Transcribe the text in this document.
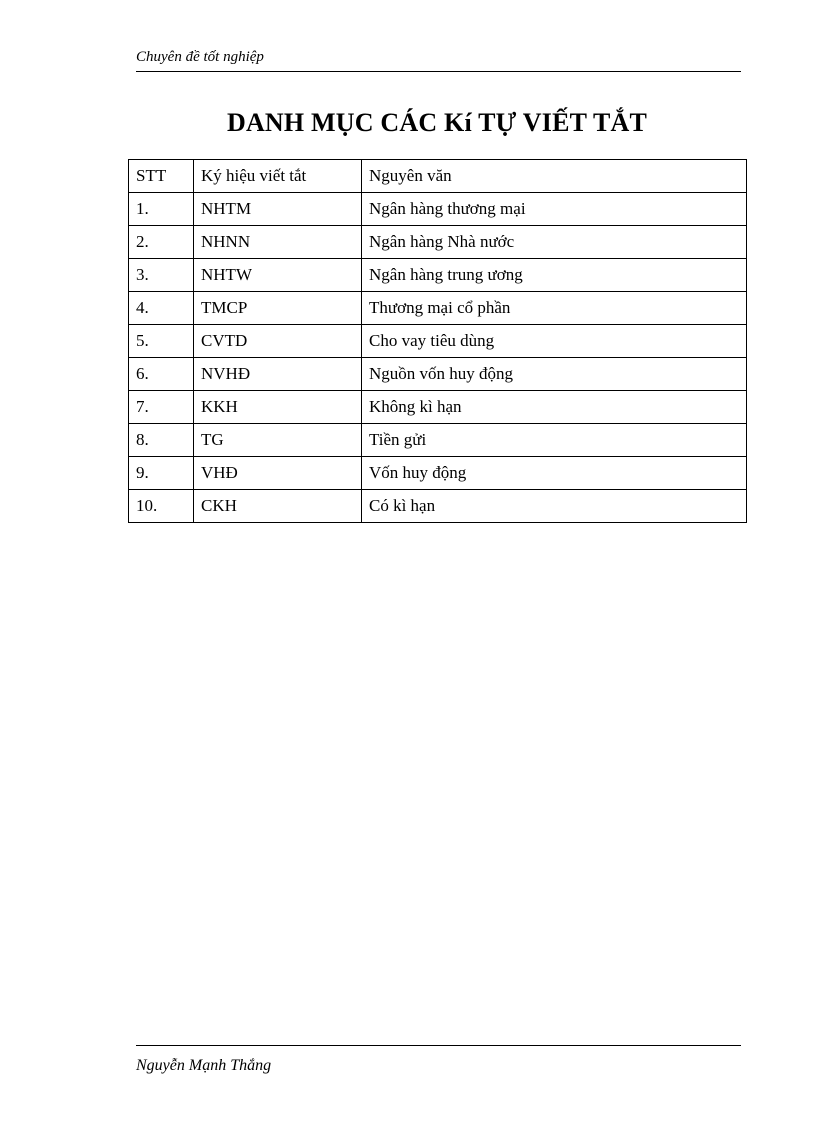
Chuyên đề tốt nghiệp
DANH MỤC CÁC Kí TỰ VIẾT TẮT
STT	Ký hiệu viết tắt	Nguyên văn
1.	NHTM	Ngân hàng thương mại
2.	NHNN	Ngân hàng Nhà nước
3.	NHTW	Ngân hàng trung ương
4.	TMCP	Thương mại cổ phần
5.	CVTD	Cho vay tiêu dùng
6.	NVHĐ	Nguồn vốn huy động
7.	KKH	Không kì hạn
8.	TG	Tiền gửi
9.	VHĐ	Vốn huy động
10.	CKH	Có kì hạn
Nguyễn Mạnh Thắng
